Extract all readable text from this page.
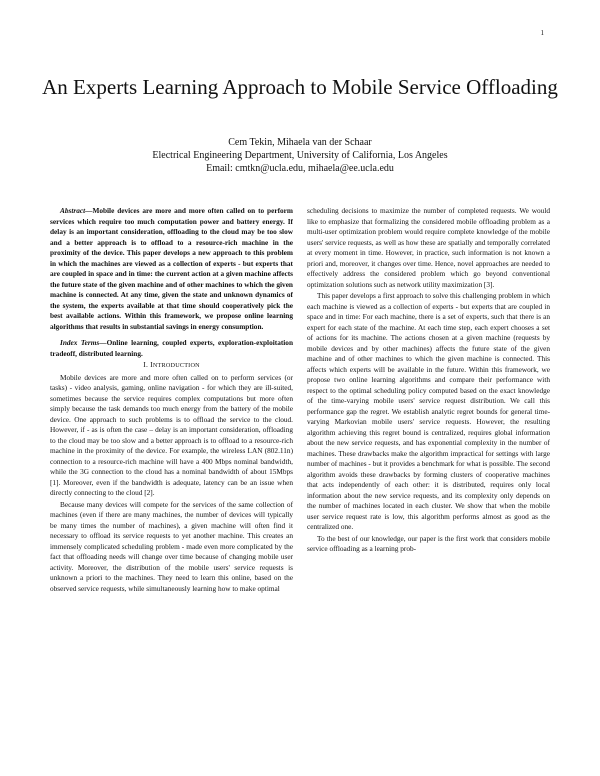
1
An Experts Learning Approach to Mobile Service Offloading
Cem Tekin, Mihaela van der Schaar
Electrical Engineering Department, University of California, Los Angeles
Email: cmtkn@ucla.edu, mihaela@ee.ucla.edu

Abstract—Mobile devices are more and more often called on to perform services which require too much computation power and battery energy. If delay is an important consideration, offloading to the cloud may be too slow and a better approach is to offload to a resource-rich machine in the proximity of the device. This paper develops a new approach to this problem in which the machines are viewed as a collection of experts - but experts that are coupled in space and in time: the current action at a given machine affects the future state of the given machine and of other machines to which the given machine is connected. At any time, given the state and unknown dynamics of the system, the experts available at that time should cooperatively pick the best available actions. Within this framework, we propose online learning algorithms that results in substantial savings in energy consumption.

Index Terms—Online learning, coupled experts, exploration-exploitation tradeoff, distributed learning.

I. INTRODUCTION

Mobile devices are more and more often called on to perform services (or tasks) - video analysis, gaming, online navigation - for which they are ill-suited, sometimes because the service requires complex computations but more often simply because the task demands too much energy from the battery of the mobile device. One approach to such problems is to offload the service to the cloud. However, if - as is often the case – delay is an important consideration, offloading to the cloud may be too slow and a better approach is to offload to a resource-rich machine in the proximity of the device. For example, the wireless LAN (802.11n) connection to a resource-rich machine will have a 400 Mbps nominal bandwidth, while the 3G connection to the cloud has a nominal bandwidth of about 15Mbps [1]. Moreover, even if the bandwidth is adequate, latency can be an issue when directly connecting to the cloud [2].

Because many devices will compete for the services of the same collection of machines (even if there are many machines, the number of devices will typically be many times the number of machines), a given machine will often find it necessary to offload its service requests to yet another machine. This creates an immensely complicated scheduling problem - made even more complicated by the fact that offloading needs will change over time because of changing mobile user activity. Moreover, the distribution of the mobile users' service requests is unknown a priori to the machines. They need to learn this online, based on the observed service requests, while simultaneously learning how to make optimal

scheduling decisions to maximize the number of completed requests. We would like to emphasize that formalizing the considered mobile offloading problem as a multi-user optimization problem would require complete knowledge of the mobile users' service requests, as well as how these are spatially and temporally correlated at every moment in time. However, in practice, such information is not known a priori and, moreover, it changes over time. Hence, novel approaches are needed to effectively address the considered problem which go beyond conventional optimization solutions such as network utility maximization [3].

This paper develops a first approach to solve this challenging problem in which each machine is viewed as a collection of experts - but experts that are coupled in space and in time: For each machine, there is a set of experts, such that there is an expert for each state of the machine. At each time step, each expert chooses a set of actions for its machine. The actions chosen at a given machine (requests by mobile devices and by other machines) affects the future state of the given machine and of other machines to which the given machine is connected. This affects which experts will be available in the future. Within this framework, we propose two online learning algorithms and compare their performance with respect to the optimal scheduling policy computed based on the exact knowledge of the time-varying mobile users' service request distribution. We call this performance gap the regret. We establish analytic regret bounds for general time-varying Markovian mobile users' service requests. However, the resulting algorithm achieving this regret bound is centralized, requires global information about the new service requests, and has exponential complexity in the number of machines. These drawbacks make the algorithm impractical for settings with large number of machines - but it provides a benchmark for what is possible. The second algorithm avoids these drawbacks by forming clusters of cooperative machines that acts independently of each other: it is distributed, requires only local information about the new service requests, and its complexity only depends on the number of machines located in each cluster. We show that when the mobile user service request rate is low, this algorithm performs almost as good as the centralized one.

To the best of our knowledge, our paper is the first work that considers mobile service offloading as a learning prob-
